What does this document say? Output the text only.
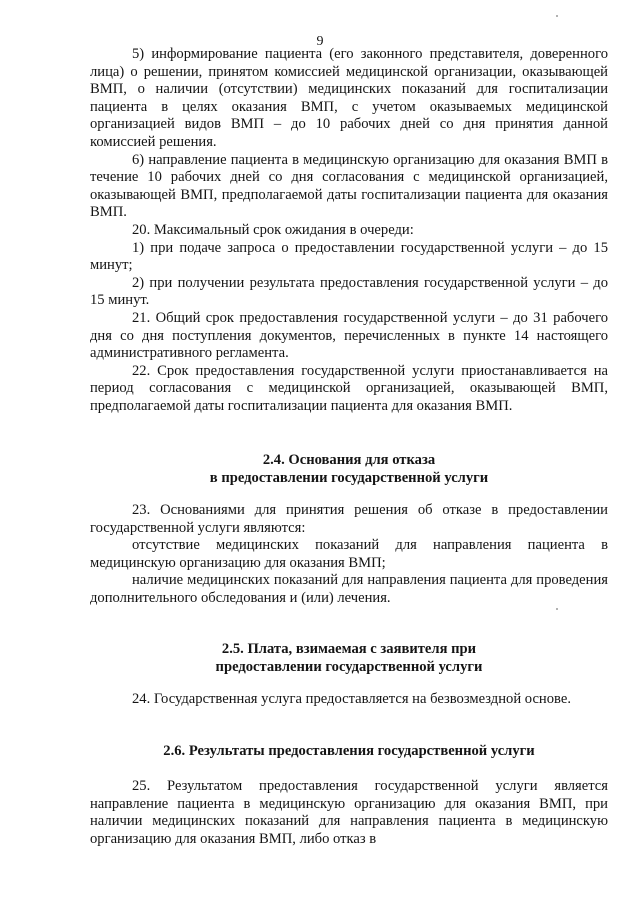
9

5) информирование пациента (его законного представителя, доверенного лица) о решении, принятом комиссией медицинской организации, оказывающей ВМП, о наличии (отсутствии) медицинских показаний для госпитализации пациента в целях оказания ВМП, с учетом оказываемых медицинской организацией видов ВМП – до 10 рабочих дней со дня принятия данной комиссией решения.

6) направление пациента в медицинскую организацию для оказания ВМП в течение 10 рабочих дней со дня согласования с медицинской организацией, оказывающей ВМП, предполагаемой даты госпитализации пациента для оказания ВМП.

20. Максимальный срок ожидания в очереди:

1) при подаче запроса о предоставлении государственной услуги – до 15 минут;

2) при получении результата предоставления государственной услуги – до 15 минут.

21. Общий срок предоставления государственной услуги – до 31 рабочего дня со дня поступления документов, перечисленных в пункте 14 настоящего административного регламента.

22. Срок предоставления государственной услуги приостанавливается на период согласования с медицинской организацией, оказывающей ВМП, предполагаемой даты госпитализации пациента для оказания ВМП.

2.4. Основания для отказа
в предоставлении государственной услуги

23. Основаниями для принятия решения об отказе в предоставлении государственной услуги являются:

отсутствие медицинских показаний для направления пациента в медицинскую организацию для оказания ВМП;

наличие медицинских показаний для направления пациента для проведения дополнительного обследования и (или) лечения.

2.5. Плата, взимаемая с заявителя при
предоставлении государственной услуги

24. Государственная услуга предоставляется на безвозмездной основе.

2.6. Результаты предоставления государственной услуги

25. Результатом предоставления государственной услуги является направление пациента в медицинскую организацию для оказания ВМП, при наличии медицинских показаний для направления пациента в медицинскую организацию для оказания ВМП, либо отказ в
